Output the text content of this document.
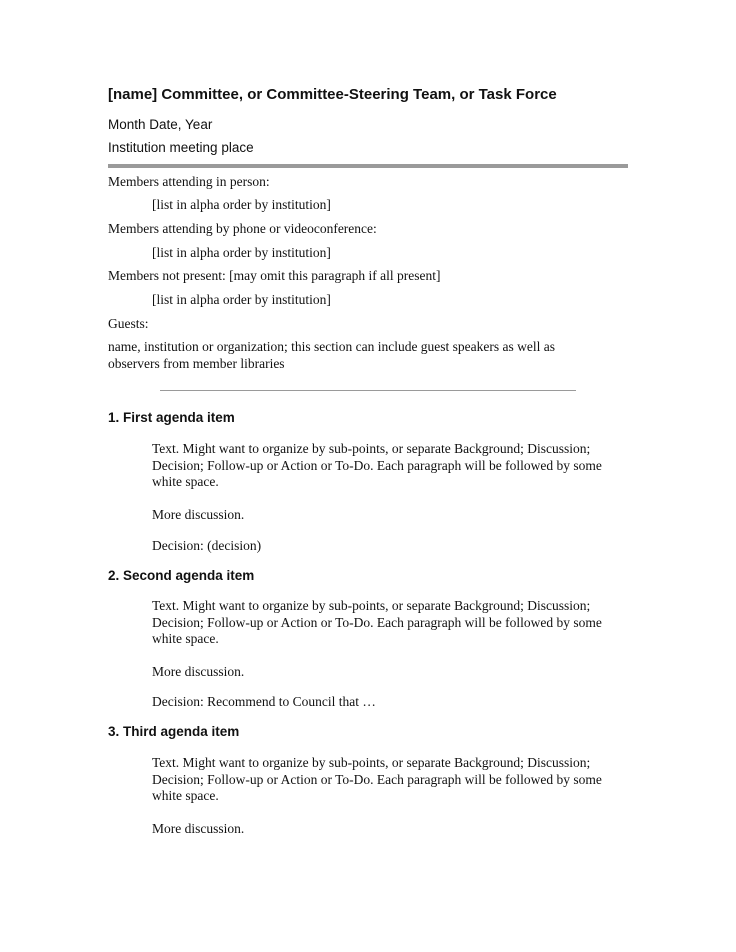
[name] Committee, or Committee-Steering Team, or Task Force

Month Date, Year

Institution meeting place

Members attending in person:

[list in alpha order by institution]

Members attending by phone or videoconference:

[list in alpha order by institution]

Members not present: [may omit this paragraph if all present]

[list in alpha order by institution]

Guests:

name, institution or organization; this section can include guest speakers as well as observers from member libraries

1. First agenda item

Text. Might want to organize by sub-points, or separate Background; Discussion; Decision; Follow-up or Action or To-Do. Each paragraph will be followed by some white space.

More discussion.

Decision: (decision)

2. Second agenda item

Text. Might want to organize by sub-points, or separate Background; Discussion; Decision; Follow-up or Action or To-Do. Each paragraph will be followed by some white space.

More discussion.

Decision: Recommend to Council that …

3. Third agenda item

Text. Might want to organize by sub-points, or separate Background; Discussion; Decision; Follow-up or Action or To-Do. Each paragraph will be followed by some white space.

More discussion.
